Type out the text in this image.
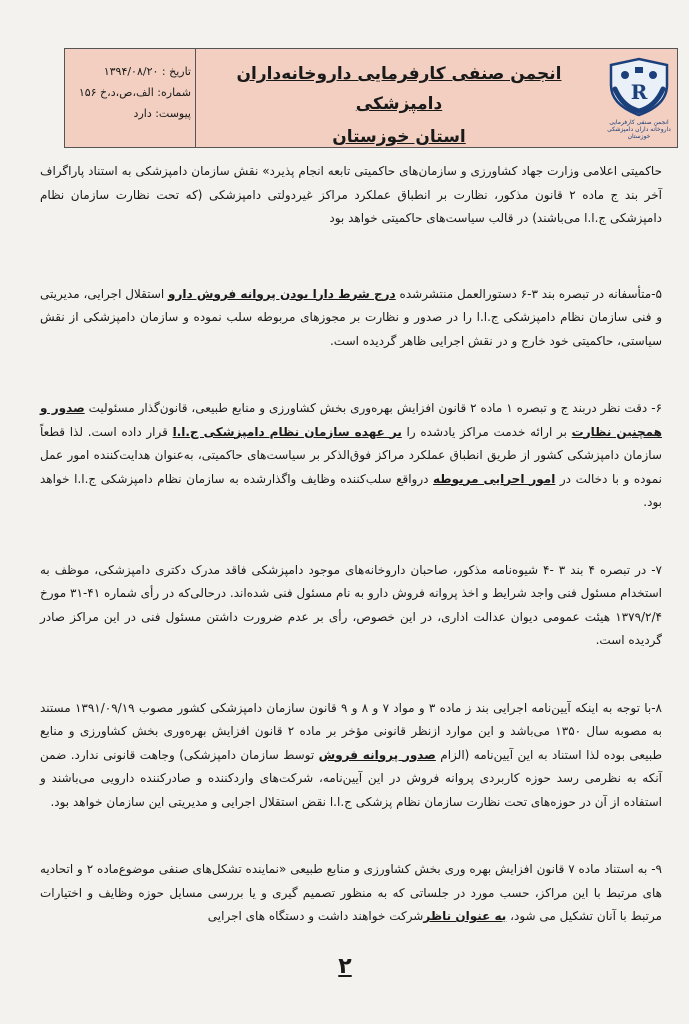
تاریخ : ۱۳۹۴/۰۸/۲۰
شماره: الف،ص،د،خ ۱۵۶
پیوست: دارد
انجمن صنفی کارفرمایی داروخانه‌داران دامپزشکی
استان خوزستان
R
انجمن صنفی کارفرمایی داروخانه داران دامپزشکی خوزستان

حاکمیتی اعلامی وزارت جهاد کشاورزی و سازمان‌های حاکمیتی تابعه انجام پذیرد» نقش سازمان دامپزشکی به استناد پاراگراف آخر بند ج ماده ۲ قانون مذکور، نظارت بر انطباق عملکرد مراکز غیردولتی دامپزشکی (که تحت نظارت سازمان نظام دامپزشکی ج.ا.ا می‌باشند) در قالب سیاست‌های حاکمیتی خواهد بود

۵-متأسفانه در تبصره بند ۳-۶ دستورالعمل منتشرشده درج شرط دارا بودن پروانه فروش دارو استقلال اجرایی، مدیریتی و فنی سازمان نظام دامپزشکی ج.ا.ا را در صدور و نظارت بر مجوزهای مربوطه سلب نموده و سازمان دامپزشکی از نقش سیاستی، حاکمیتی خود خارج و در نقش اجرایی ظاهر گردیده است.

۶- دقت نظر دربند ج و تبصره ۱ ماده ۲ قانون افزایش بهره‌وری بخش کشاورزی و منابع طبیعی، قانون‌گذار مسئولیت صدور و همچنین نظارت بر ارائه خدمت مراکز یادشده را بر عهده سازمان نظام دامپزشکی ج.ا.ا قرار داده است. لذا قطعاً سازمان دامپزشکی کشور از طریق انطباق عملکرد مراکز فوق‌الذکر بر سیاست‌های حاکمیتی، به‌عنوان هدایت‌کننده امور عمل نموده و با دخالت در امور اجرایی مربوطه درواقع سلب‌کننده وظایف واگذارشده به سازمان نظام دامپزشکی ج.ا.ا خواهد بود.

۷- در تبصره ۴ بند ۳ -۴ شیوه‌نامه مذکور، صاحبان داروخانه‌های موجود دامپزشکی فاقد مدرک دکتری دامپزشکی، موظف به استخدام مسئول فنی واجد شرایط و اخذ پروانه فروش دارو به نام مسئول فنی شده‌اند. درحالی‌که در رأی شماره ۴۱-۳۱ مورخ ۱۳۷۹/۲/۴ هیئت عمومی دیوان عدالت اداری، در این خصوص، رأی بر عدم ضرورت داشتن مسئول فنی در این مراکز صادر گردیده است.

۸-با توجه به اینکه آیین‌نامه اجرایی بند ز ماده ۳ و مواد ۷ و ۸ و ۹ قانون سازمان دامپزشکی کشور مصوب ۱۳۹۱/۰۹/۱۹ مستند به مصوبه سال ۱۳۵۰ می‌باشد و این موارد ازنظر قانونی مؤخر بر ماده ۲ قانون افزایش بهره‌وری بخش کشاورزی و منابع طبیعی بوده لذا استناد به این آیین‌نامه (الزام صدور پروانه فروش توسط سازمان دامپزشکی) وجاهت قانونی ندارد. ضمن آنکه به نظرمی رسد حوزه کاربردی پروانه فروش در این آیین‌نامه، شرکت‌های واردکننده و صادرکننده دارویی می‌باشند و استفاده از آن در حوزه‌های تحت نظارت سازمان نظام پزشکی ج.ا.ا نقض استقلال اجرایی و مدیریتی این سازمان خواهد بود.

۹- به استناد ماده ۷ قانون افزایش بهره وری بخش کشاورزی و منابع طبیعی «نماینده تشکل‌های صنفی موضوع‌ماده ۲ و اتحادیه های مرتبط با این مراکز، حسب مورد در جلساتی که به منظور تصمیم گیری و یا بررسی مسایل حوزه وظایف و اختیارات مرتبط با آنان تشکیل می شود، به عنوان ناظرشرکت خواهند داشت و دستگاه های اجرایی

۲
